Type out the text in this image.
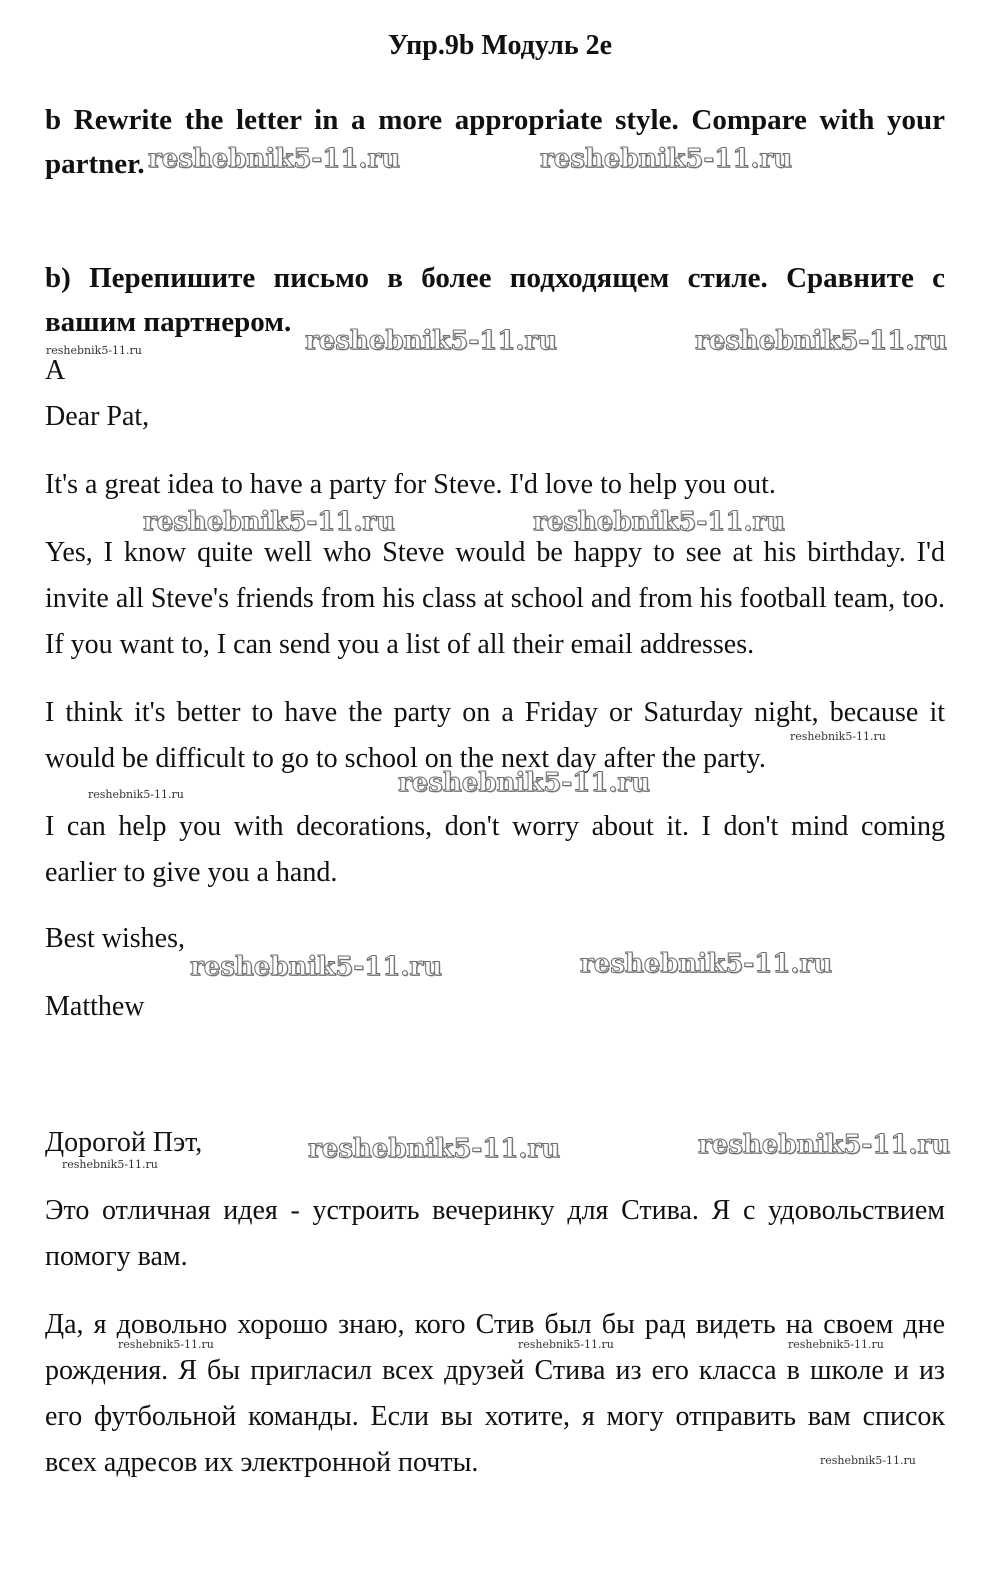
Упр.9b Модуль 2e
b Rewrite the letter in a more appropriate style. Compare with your partner.
b) Перепишите письмо в более подходящем стиле. Сравните с вашим партнером.
A
Dear Pat,
It's a great idea to have a party for Steve. I'd love to help you out.
Yes, I know quite well who Steve would be happy to see at his birthday. I'd invite all Steve's friends from his class at school and from his football team, too. If you want to, I can send you a list of all their email addresses.
I think it's better to have the party on a Friday or Saturday night, because it would be difficult to go to school on the next day after the party.
I can help you with decorations, don't worry about it. I don't mind coming earlier to give you a hand.
Best wishes,
Matthew
Дорогой Пэт,
Это отличная идея - устроить вечеринку для Стива. Я с удовольствием помогу вам.
Да, я довольно хорошо знаю, кого Стив был бы рад видеть на своем дне рождения. Я бы пригласил всех друзей Стива из его класса в школе и из его футбольной команды. Если вы хотите, я могу отправить вам список всех адресов их электронной почты.
reshebnik5-11.ru	reshebnik5-11.ru
reshebnik5-11.ru	reshebnik5-11.ru	reshebnik5-11.ru
reshebnik5-11.ru	reshebnik5-11.ru
reshebnik5-11.ru
reshebnik5-11.ru	reshebnik5-11.ru
reshebnik5-11.ru	reshebnik5-11.ru
reshebnik5-11.ru
reshebnik5-11.ru	reshebnik5-11.ru
reshebnik5-11.ru	reshebnik5-11.ru	reshebnik5-11.ru
reshebnik5-11.ru
